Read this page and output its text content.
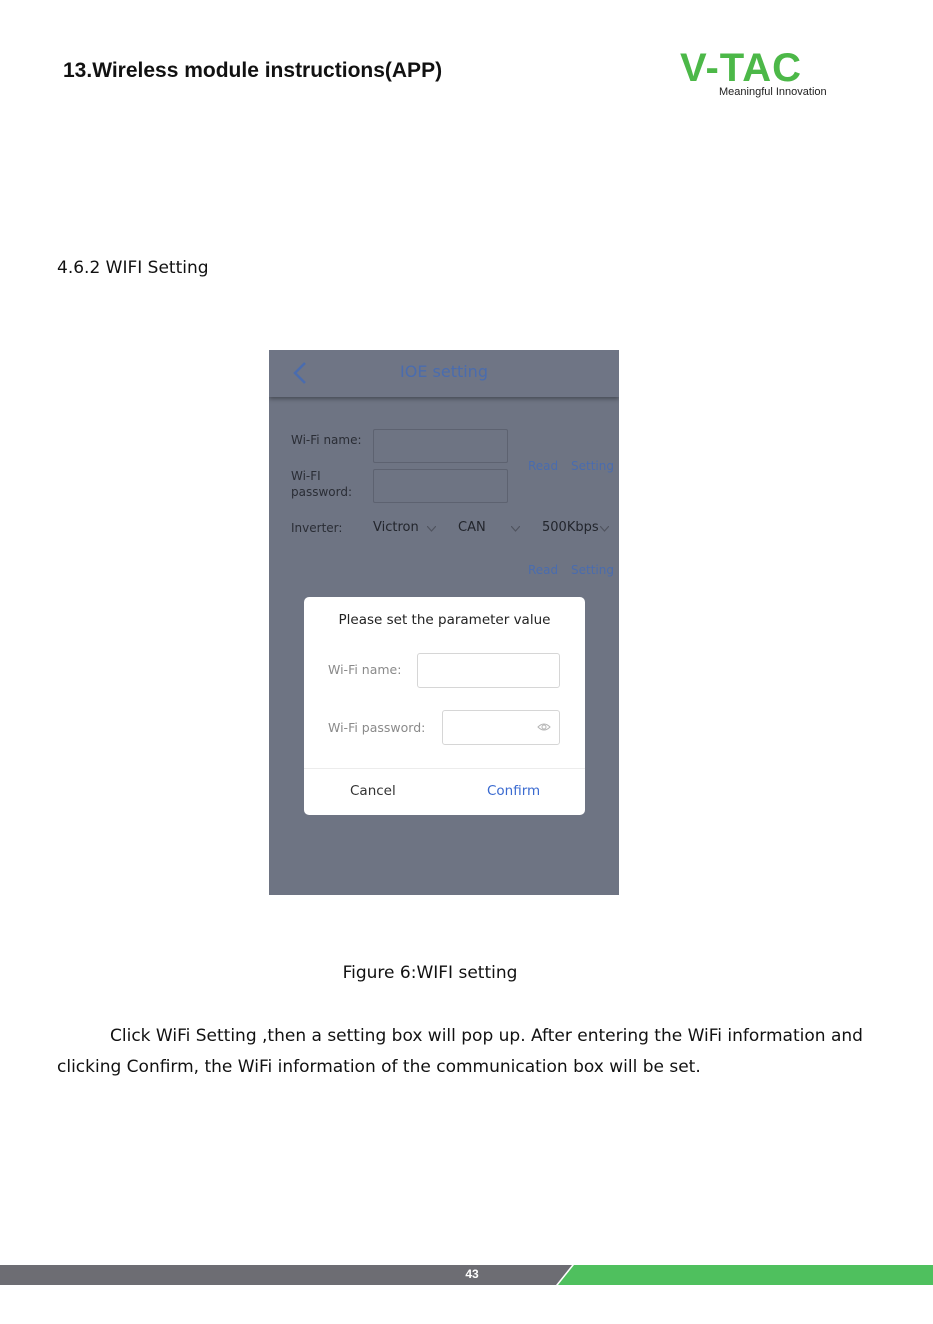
13.Wireless module instructions(APP)	V-TAC
Meaningful Innovation
4.6.2 WIFI Setting
IOE setting
Wi-Fi name:
Wi-FI
password:
Read Setting
Inverter: Victron	CAN	500Kbps
Read Setting
Please set the parameter value
Wi-Fi name:
Wi-Fi password:
Cancel	Confirm
Figure 6:WIFI setting
Click WiFi Setting ,then a setting box will pop up. After entering the WiFi information and clicking Confirm, the WiFi information of the communication box will be set.
43
